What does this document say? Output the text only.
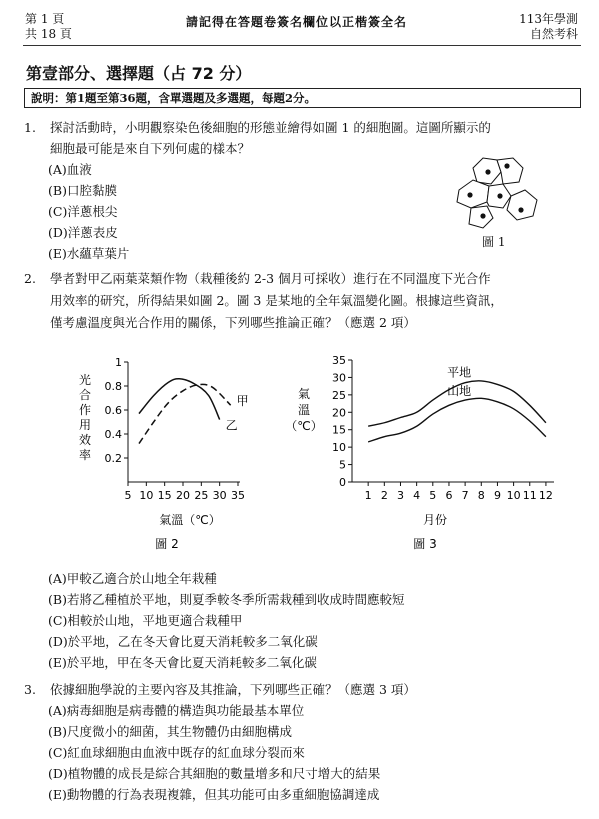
第 1 頁
共 18 頁
請記得在答題卷簽名欄位以正楷簽全名	113年學測
自然考科
第壹部分、選擇題（占 72 分）
說明：第1題至第36題，含單選題及多選題，每題2分。
1. 探討活動時，小明觀察染色後細胞的形態並繪得如圖 1 的細胞圖。這圖所顯示的
細胞最可能是來自下列何處的樣本？
(A)血液
(B)口腔黏膜
(C)洋蔥根尖
(D)洋蔥表皮
(E)水蘊草葉片
圖 1
2. 學者對甲乙兩葉菜類作物（栽種後約 2-3 個月可採收）進行在不同溫度下光合作
用效率的研究，所得結果如圖 2。圖 3 是某地的全年氣溫變化圖。根據這些資訊，
僅考慮溫度與光合作用的關係，下列哪些推論正確？（應選 2 項）
0.2
0.4
0.6
0.8
1
5 10 15 20 25 30 35
甲
乙
氣溫（℃）
圖 2
光
合
作
用
效
率
氣
溫
（℃）
0
5
10
15
20
25
30
35
1 2 3 4 5 6 7 8 9 10 11 12
平地
山地
月份
圖 3
(A)甲較乙適合於山地全年栽種
(B)若將乙種植於平地，則夏季較冬季所需栽種到收成時間應較短
(C)相較於山地，平地更適合栽種甲
(D)於平地，乙在冬天會比夏天消耗較多二氧化碳
(E)於平地，甲在冬天會比夏天消耗較多二氧化碳
3. 依據細胞學說的主要內容及其推論，下列哪些正確？（應選 3 項）
(A)病毒細胞是病毒體的構造與功能最基本單位
(B)尺度微小的細菌，其生物體仍由細胞構成
(C)紅血球細胞由血液中既存的紅血球分裂而來
(D)植物體的成長是綜合其細胞的數量增多和尺寸增大的結果
(E)動物體的行為表現複雜，但其功能可由多重細胞協調達成
